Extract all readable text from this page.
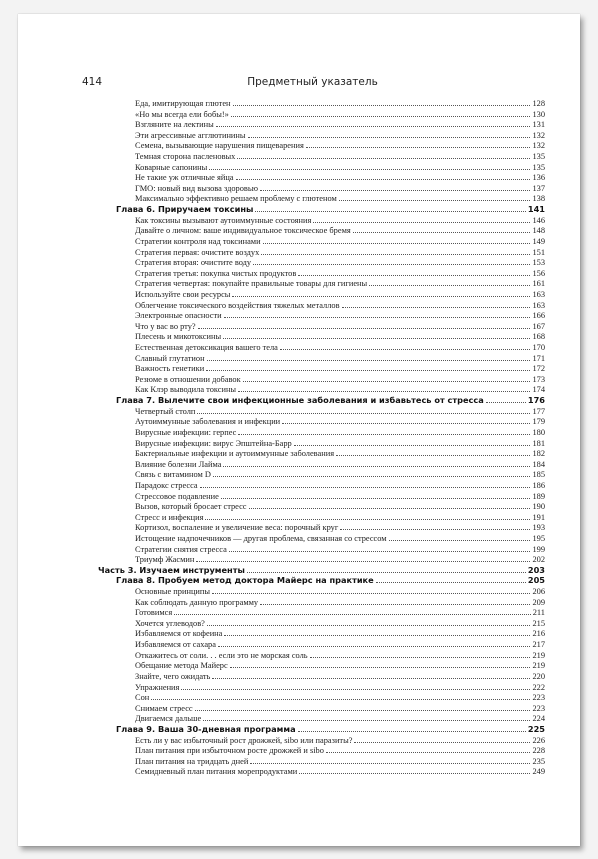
414	Предметный указатель
Еда, имитирующая глютен	128
«Но мы всегда ели бобы!»	130
Взгляните на лектины	131
Эти агрессивные агглютинины	132
Семена, вызывающие нарушения пищеварения	132
Темная сторона пасленовых	135
Коварные сапонины	135
Не такие уж отличные яйца	136
ГМО: новый вид вызова здоровью	137
Максимально эффективно решаем проблему с глютеном	138
Глава 6. Приручаем токсины	141
Как токсины вызывают аутоиммунные состояния	146
Давайте о личном: ваше индивидуальное токсическое бремя	148
Стратегии контроля над токсинами	149
Стратегия первая: очистите воздух	151
Стратегия вторая: очистите воду	153
Стратегия третья: покупка чистых продуктов	156
Стратегия четвертая: покупайте правильные товары для гигиены	161
Используйте свои ресурсы	163
Облегчение токсического воздействия тяжелых металлов	163
Электронные опасности	166
Что у вас во рту?	167
Плесень и микотоксины	168
Естественная детоксикация вашего тела	170
Славный глутатион	171
Важность генетики	172
Резюме в отношении добавок	173
Как Клэр выводила токсины	174
Глава 7. Вылечите свои инфекционные заболевания и избавьтесь от стресса	176
Четвертый столп	177
Аутоиммунные заболевания и инфекции	179
Вирусные инфекции: герпес	180
Вирусные инфекции: вирус Эпштейна-Барр	181
Бактериальные инфекции и аутоиммунные заболевания	182
Влияние болезни Лайма	184
Связь с витамином D	185
Парадокс стресса	186
Стрессовое подавление	189
Вызов, который бросает стресс	190
Стресс и инфекция	191
Кортизол, воспаление и увеличение веса: порочный круг	193
Истощение надпочечников — другая проблема, связанная со стрессом	195
Стратегии снятия стресса	199
Триумф Жасмин	202
Часть 3. Изучаем инструменты	203
Глава 8. Пробуем метод доктора Майерс на практике	205
Основные принципы	206
Как соблюдать данную программу	209
Готовимся	211
Хочется углеводов?	215
Избавляемся от кофеина	216
Избавляемся от сахара	217
Откажитесь от соли. . . если это не морская соль	219
Обещание метода Майерс	219
Знайте, чего ожидать	220
Упражнения	222
Сон	223
Снимаем стресс	223
Двигаемся дальше	224
Глава 9. Ваша 30-дневная программа	225
Есть ли у вас избыточный рост дрожжей, sibo или паразиты?	226
План питания при избыточном росте дрожжей и sibo	228
План питания на тридцать дней	235
Семидневный план питания морепродуктами	249
